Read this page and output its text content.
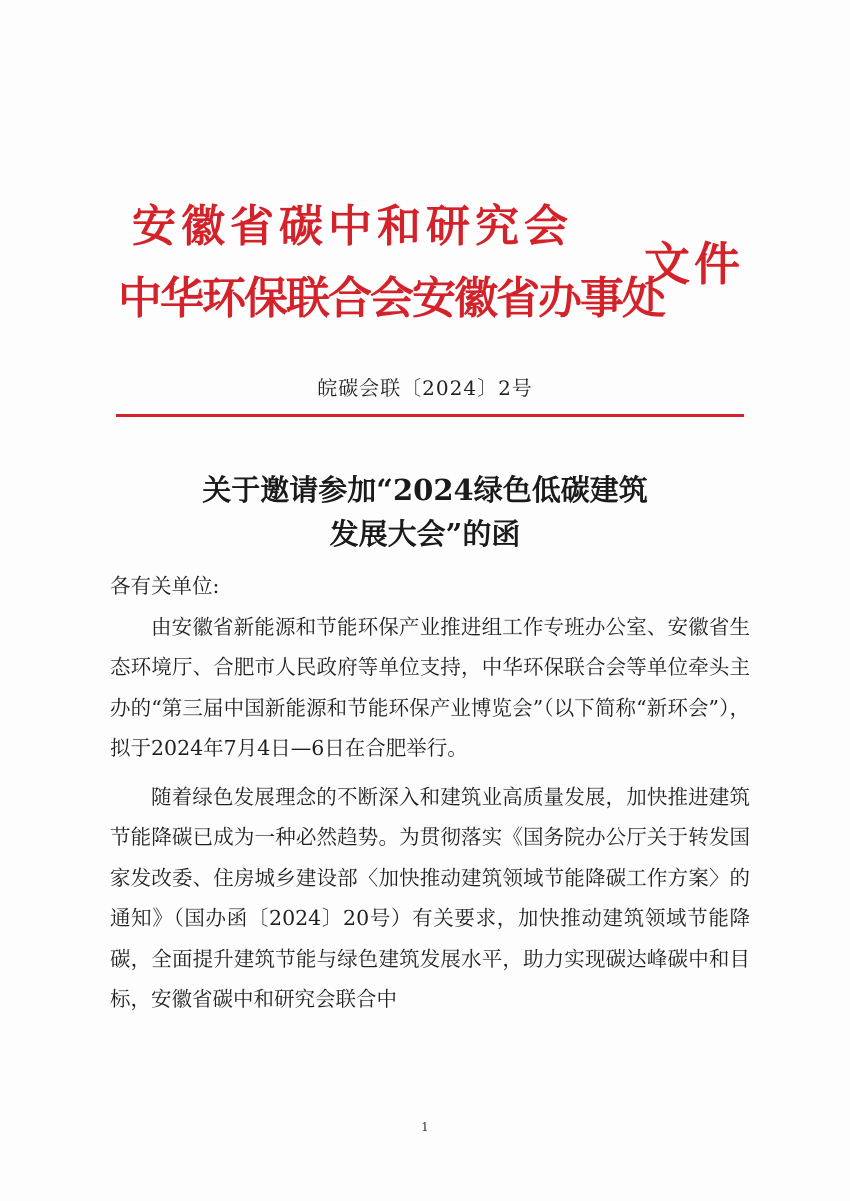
安徽省碳中和研究会
中华环保联合会安徽省办事处
文件
皖碳会联〔2024〕2号
关于邀请参加“2024绿色低碳建筑
发展大会”的函

各有关单位:

由安徽省新能源和节能环保产业推进组工作专班办公室、安徽省生态环境厅、合肥市人民政府等单位支持，中华环保联合会等单位牵头主办的“第三届中国新能源和节能环保产业博览会”（以下简称“新环会”），拟于2024年7月4日—6日在合肥举行。

随着绿色发展理念的不断深入和建筑业高质量发展，加快推进建筑节能降碳已成为一种必然趋势。为贯彻落实《国务院办公厅关于转发国家发改委、住房城乡建设部〈加快推动建筑领域节能降碳工作方案〉的通知》（国办函〔2024〕20号）有关要求，加快推动建筑领域节能降碳，全面提升建筑节能与绿色建筑发展水平，助力实现碳达峰碳中和目标，安徽省碳中和研究会联合中

1
